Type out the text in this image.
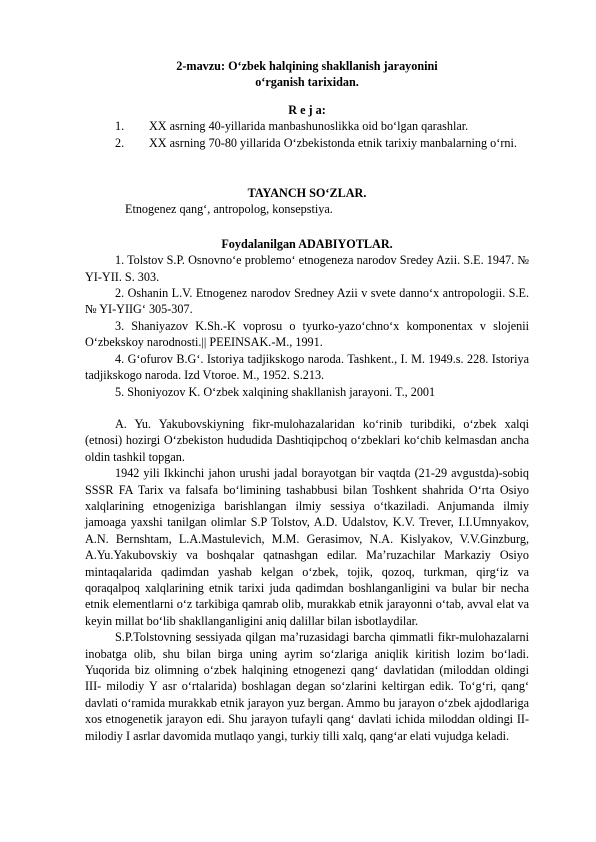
2-mavzu: O‘zbek halqining shakllanish jarayonini
o‘rganish tarixidan.
R e j a:
1. XX asrning 40-yillarida manbashunoslikka oid bo‘lgan qarashlar.
2. XX asrning 70-80 yillarida O‘zbekistonda etnik tarixiy manbalarning o‘rni.
TAYANCH SO‘ZLAR.
Etnogenez qang‘, antropolog, konsepstiya.
Foydalanilgan ADABIYOTLAR.
1. Tolstov S.P. Osnovno‘e problemo‘ etnogeneza narodov Sredey Azii. S.E. 1947. № YI-YII. S. 303.
2. Oshanin L.V. Etnogenez narodov Sredney Azii v svete danno‘x antropologii. S.E. № YI-YIIG‘ 305-307.
3. Shaniyazov K.Sh.-K voprosu o tyurko-yazo‘chno‘x komponentax v slojenii O‘zbekskoy narodnosti.|| PEEINSAK.-M., 1991.
4. G‘ofurov B.G‘. Istoriya tadjikskogo naroda. Tashkent., I. M. 1949.s. 228. Istoriya tadjikskogo naroda. Izd Vtoroe. M., 1952. S.213.
5. Shoniyozov K. O‘zbek xalqining shakllanish jarayoni. T., 2001
A. Yu. Yakubovskiyning fikr-mulohazalaridan ko‘rinib turibdiki, o‘zbek xalqi (etnosi) hozirgi O‘zbekiston hududida Dashtiqipchoq o‘zbeklari ko‘chib kelmasdan ancha oldin tashkil topgan.
1942 yili Ikkinchi jahon urushi jadal borayotgan bir vaqtda (21-29 avgustda)-sobiq SSSR FA Tarix va falsafa bo‘limining tashabbusi bilan Toshkent shahrida O‘rta Osiyo xalqlarining etnogeniziga barishlangan ilmiy sessiya o‘tkaziladi. Anjumanda ilmiy jamoaga yaxshi tanilgan olimlar S.P Tolstov, A.D. Udalstov, K.V. Trever, I.I.Umnyakov, A.N. Bernshtam, L.A.Mastulevich, M.M. Gerasimov, N.A. Kislyakov, V.V.Ginzburg, A.Yu.Yakubovskiy va boshqalar qatnashgan edilar. Ma’ruzachilar Markaziy Osiyo mintaqalarida qadimdan yashab kelgan o‘zbek, tojik, qozoq, turkman, qirg‘iz va qoraqalpoq xalqlarining etnik tarixi juda qadimdan boshlanganligini va bular bir necha etnik elementlarni o‘z tarkibiga qamrab olib, murakkab etnik jarayonni o‘tab, avval elat va keyin millat bo‘lib shakllanganligini aniq dalillar bilan isbotlaydilar.
S.P.Tolstovning sessiyada qilgan ma’ruzasidagi barcha qimmatli fikr-mulohazalarni inobatga olib, shu bilan birga uning ayrim so‘zlariga aniqlik kiritish lozim bo‘ladi. Yuqorida biz olimning o‘zbek halqining etnogenezi qang‘ davlatidan (miloddan oldingi III- milodiy Y asr o‘rtalarida) boshlagan degan so‘zlarini keltirgan edik. To‘g‘ri, qang‘ davlati o‘ramida murakkab etnik jarayon yuz bergan. Ammo bu jarayon o‘zbek ajdodlariga xos etnogenetik jarayon edi. Shu jarayon tufayli qang‘ davlati ichida miloddan oldingi II-milodiy I asrlar davomida mutlaqo yangi, turkiy tilli xalq, qang‘ar elati vujudga keladi.
